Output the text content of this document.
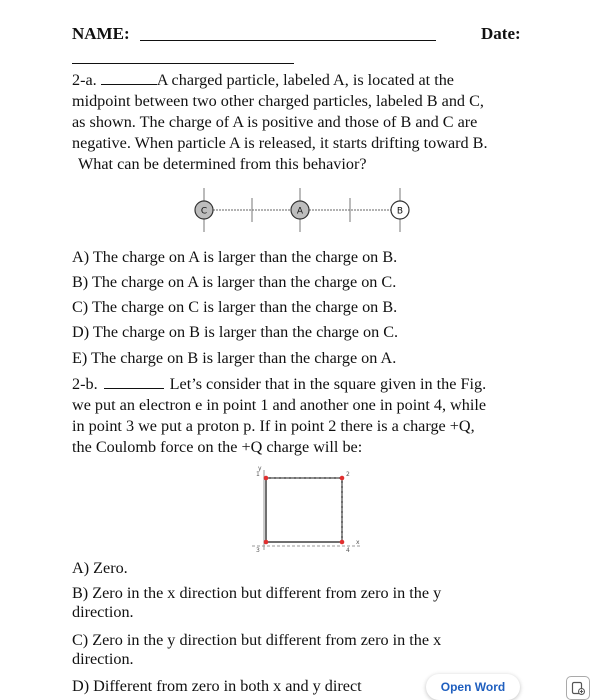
NAME:	Date:
2-a.	A charged particle, labeled A, is located at the
midpoint between two other charged particles, labeled B and C,
as shown. The charge of A is positive and those of B and C are
negative. When particle A is released, it starts drifting toward B.
What can be determined from this behavior?
C	A	B
A) The charge on A is larger than the charge on B.
B) The charge on A is larger than the charge on C.
C) The charge on C is larger than the charge on B.
D) The charge on B is larger than the charge on C.
E) The charge on B is larger than the charge on A.
2-b.	Let’s consider that in the square given in the Fig.
we put an electron e in point 1 and another one in point 4, while
in point 3 we put a proton p. If in point 2 there is a charge +Q,
the Coulomb force on the +Q charge will be:
1	2
3	4
y
x
A) Zero.
B) Zero in the x direction but different from zero in the y
direction.
C) Zero in the y direction but different from zero in the x
direction.
D) Different from zero in both x and y direct	Open Word
